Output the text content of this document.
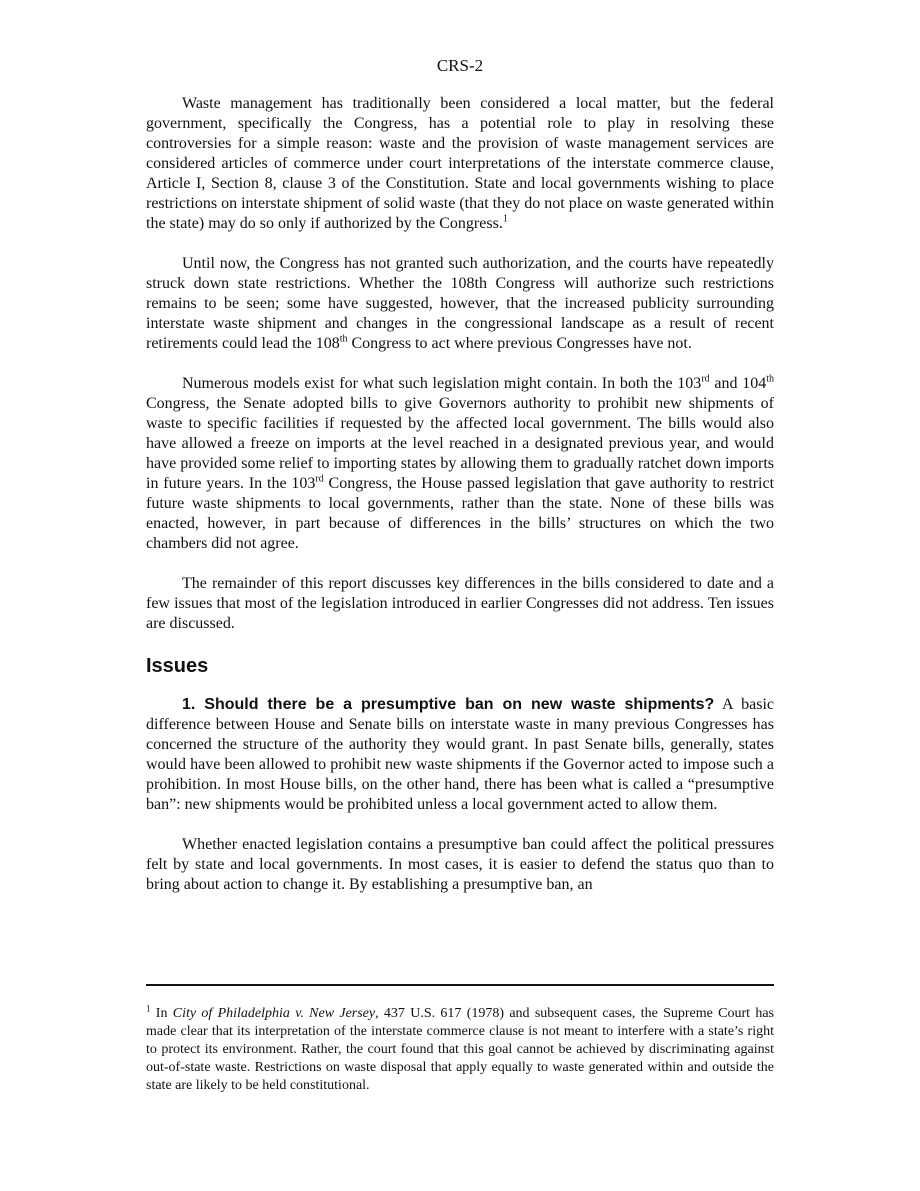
CRS-2

Waste management has traditionally been considered a local matter, but the federal government, specifically the Congress, has a potential role to play in resolving these controversies for a simple reason: waste and the provision of waste management services are considered articles of commerce under court interpretations of the interstate commerce clause, Article I, Section 8, clause 3 of the Constitution. State and local governments wishing to place restrictions on interstate shipment of solid waste (that they do not place on waste generated within the state) may do so only if authorized by the Congress.$^1$

Until now, the Congress has not granted such authorization, and the courts have repeatedly struck down state restrictions. Whether the 108th Congress will authorize such restrictions remains to be seen; some have suggested, however, that the increased publicity surrounding interstate waste shipment and changes in the congressional landscape as a result of recent retirements could lead the 108th Congress to act where previous Congresses have not.

Numerous models exist for what such legislation might contain. In both the 103rd and 104th Congress, the Senate adopted bills to give Governors authority to prohibit new shipments of waste to specific facilities if requested by the affected local government. The bills would also have allowed a freeze on imports at the level reached in a designated previous year, and would have provided some relief to importing states by allowing them to gradually ratchet down imports in future years. In the 103rd Congress, the House passed legislation that gave authority to restrict future waste shipments to local governments, rather than the state. None of these bills was enacted, however, in part because of differences in the bills’ structures on which the two chambers did not agree.

The remainder of this report discusses key differences in the bills considered to date and a few issues that most of the legislation introduced in earlier Congresses did not address. Ten issues are discussed.

Issues

1. Should there be a presumptive ban on new waste shipments? A basic difference between House and Senate bills on interstate waste in many previous Congresses has concerned the structure of the authority they would grant. In past Senate bills, generally, states would have been allowed to prohibit new waste shipments if the Governor acted to impose such a prohibition. In most House bills, on the other hand, there has been what is called a “presumptive ban”: new shipments would be prohibited unless a local government acted to allow them.

Whether enacted legislation contains a presumptive ban could affect the political pressures felt by state and local governments. In most cases, it is easier to defend the status quo than to bring about action to change it. By establishing a presumptive ban, an

$^1$ In City of Philadelphia v. New Jersey, 437 U.S. 617 (1978) and subsequent cases, the Supreme Court has made clear that its interpretation of the interstate commerce clause is not meant to interfere with a state’s right to protect its environment. Rather, the court found that this goal cannot be achieved by discriminating against out-of-state waste. Restrictions on waste disposal that apply equally to waste generated within and outside the state are likely to be held constitutional.
